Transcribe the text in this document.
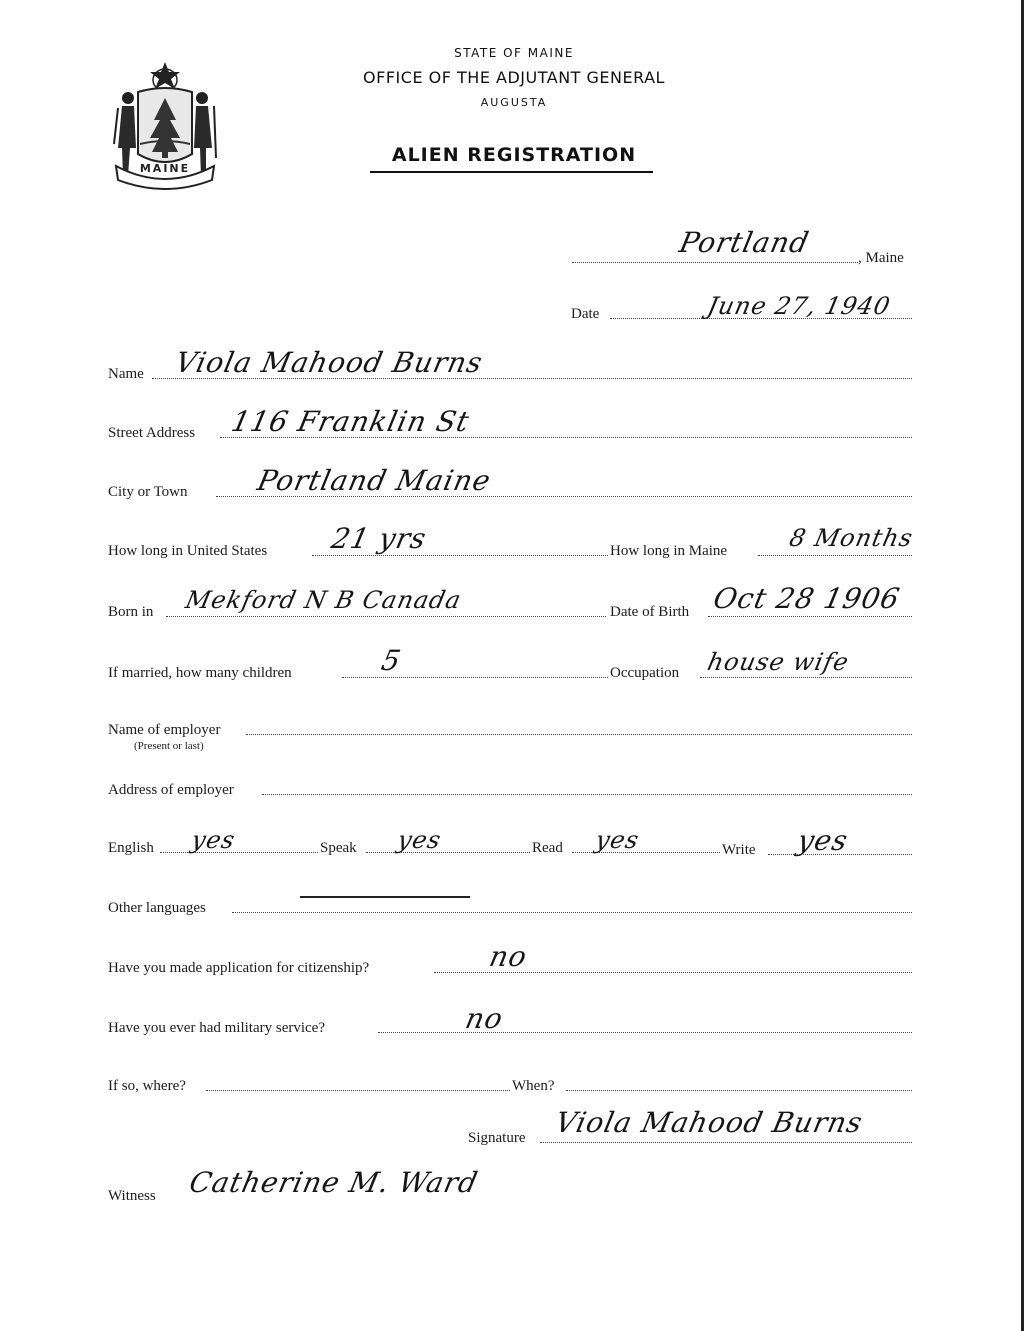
MAINE
STATE OF MAINE
OFFICE OF THE ADJUTANT GENERAL
AUGUSTA
ALIEN REGISTRATION
Portland	, Maine
Date	June 27, 1940
Name Viola Mahood Burns
Street Address 116 Franklin St
City or Town Portland Maine
How long in United States 21 yrs	How long in Maine 8 Months
Born in Mekford N B Canada	Date of Birth Oct 28 1906
If married, how many children	5	Occupation house wife
Name of employer
(Present or last)
Address of employer
English yes	Speak yes	Read yes	Write yes
Other languages
Have you made application for citizenship?	no
Have you ever had military service?	no
If so, where?	When?
Signature Viola Mahood Burns
Witness Catherine M. Ward
